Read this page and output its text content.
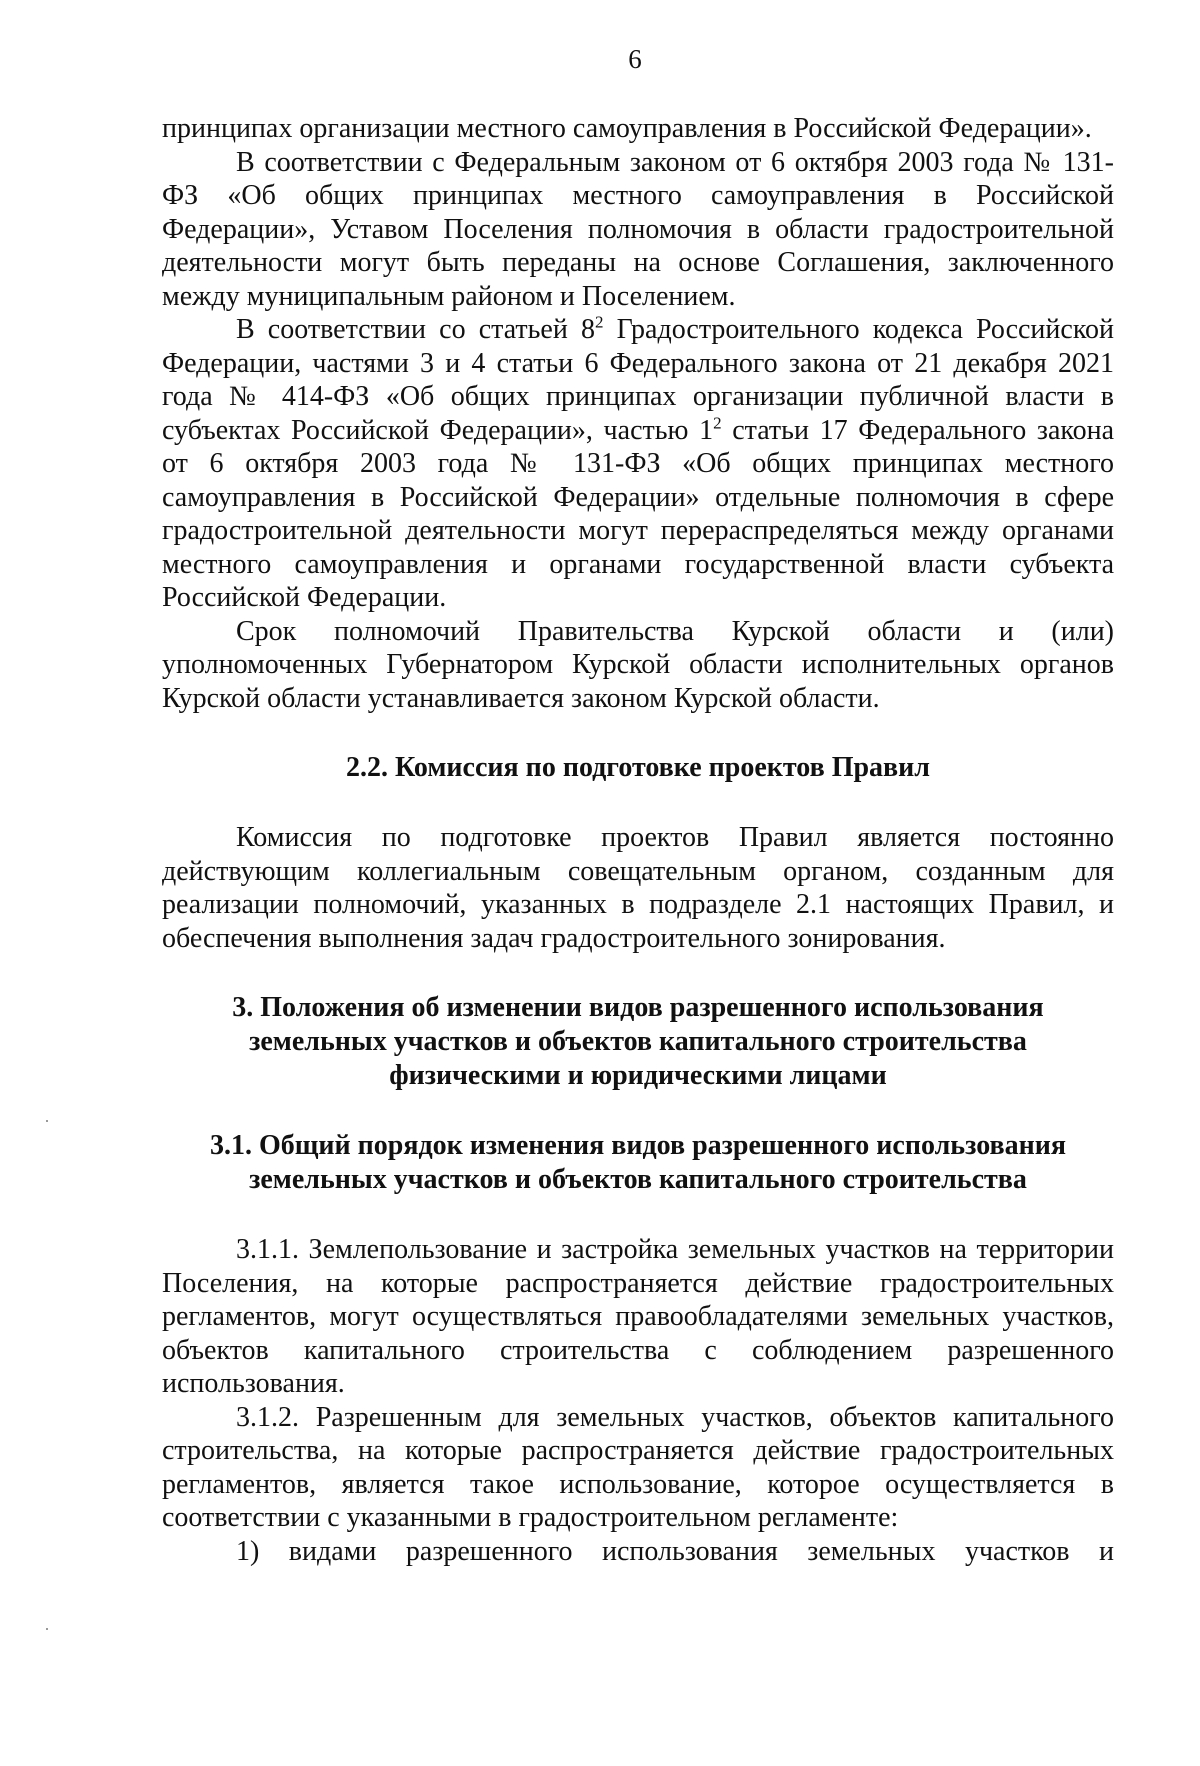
6

принципах организации местного самоуправления в Российской Федерации».

В соответствии с Федеральным законом от 6 октября 2003 года № 131-ФЗ «Об общих принципах местного самоуправления в Российской Федерации», Уставом Поселения полномочия в области градостроительной деятельности могут быть переданы на основе Соглашения, заключенного между муниципальным районом и Поселением.

В соответствии со статьей $8^2$ Градостроительного кодекса Российской Федерации, частями 3 и 4 статьи 6 Федерального закона от 21 декабря 2021 года № 414-ФЗ «Об общих принципах организации публичной власти в субъектах Российской Федерации», частью $1^2$ статьи 17 Федерального закона от 6 октября 2003 года № 131-ФЗ «Об общих принципах местного самоуправления в Российской Федерации» отдельные полномочия в сфере градостроительной деятельности могут перераспределяться между органами местного самоуправления и органами государственной власти субъекта Российской Федерации.

Срок полномочий Правительства Курской области и (или) уполномоченных Губернатором Курской области исполнительных органов Курской области устанавливается законом Курской области.

2.2. Комиссия по подготовке проектов Правил

Комиссия по подготовке проектов Правил является постоянно действующим коллегиальным совещательным органом, созданным для реализации полномочий, указанных в подразделе 2.1 настоящих Правил, и обеспечения выполнения задач градостроительного зонирования.

3. Положения об изменении видов разрешенного использования
земельных участков и объектов капитального строительства
физическими и юридическими лицами
3.1. Общий порядок изменения видов разрешенного использования
земельных участков и объектов капитального строительства

3.1.1. Землепользование и застройка земельных участков на территории Поселения, на которые распространяется действие градостроительных регламентов, могут осуществляться правообладателями земельных участков, объектов капитального строительства с соблюдением разрешенного использования.

3.1.2. Разрешенным для земельных участков, объектов капитального строительства, на которые распространяется действие градостроительных регламентов, является такое использование, которое осуществляется в соответствии с указанными в градостроительном регламенте:

1) видами разрешенного использования земельных участков и
